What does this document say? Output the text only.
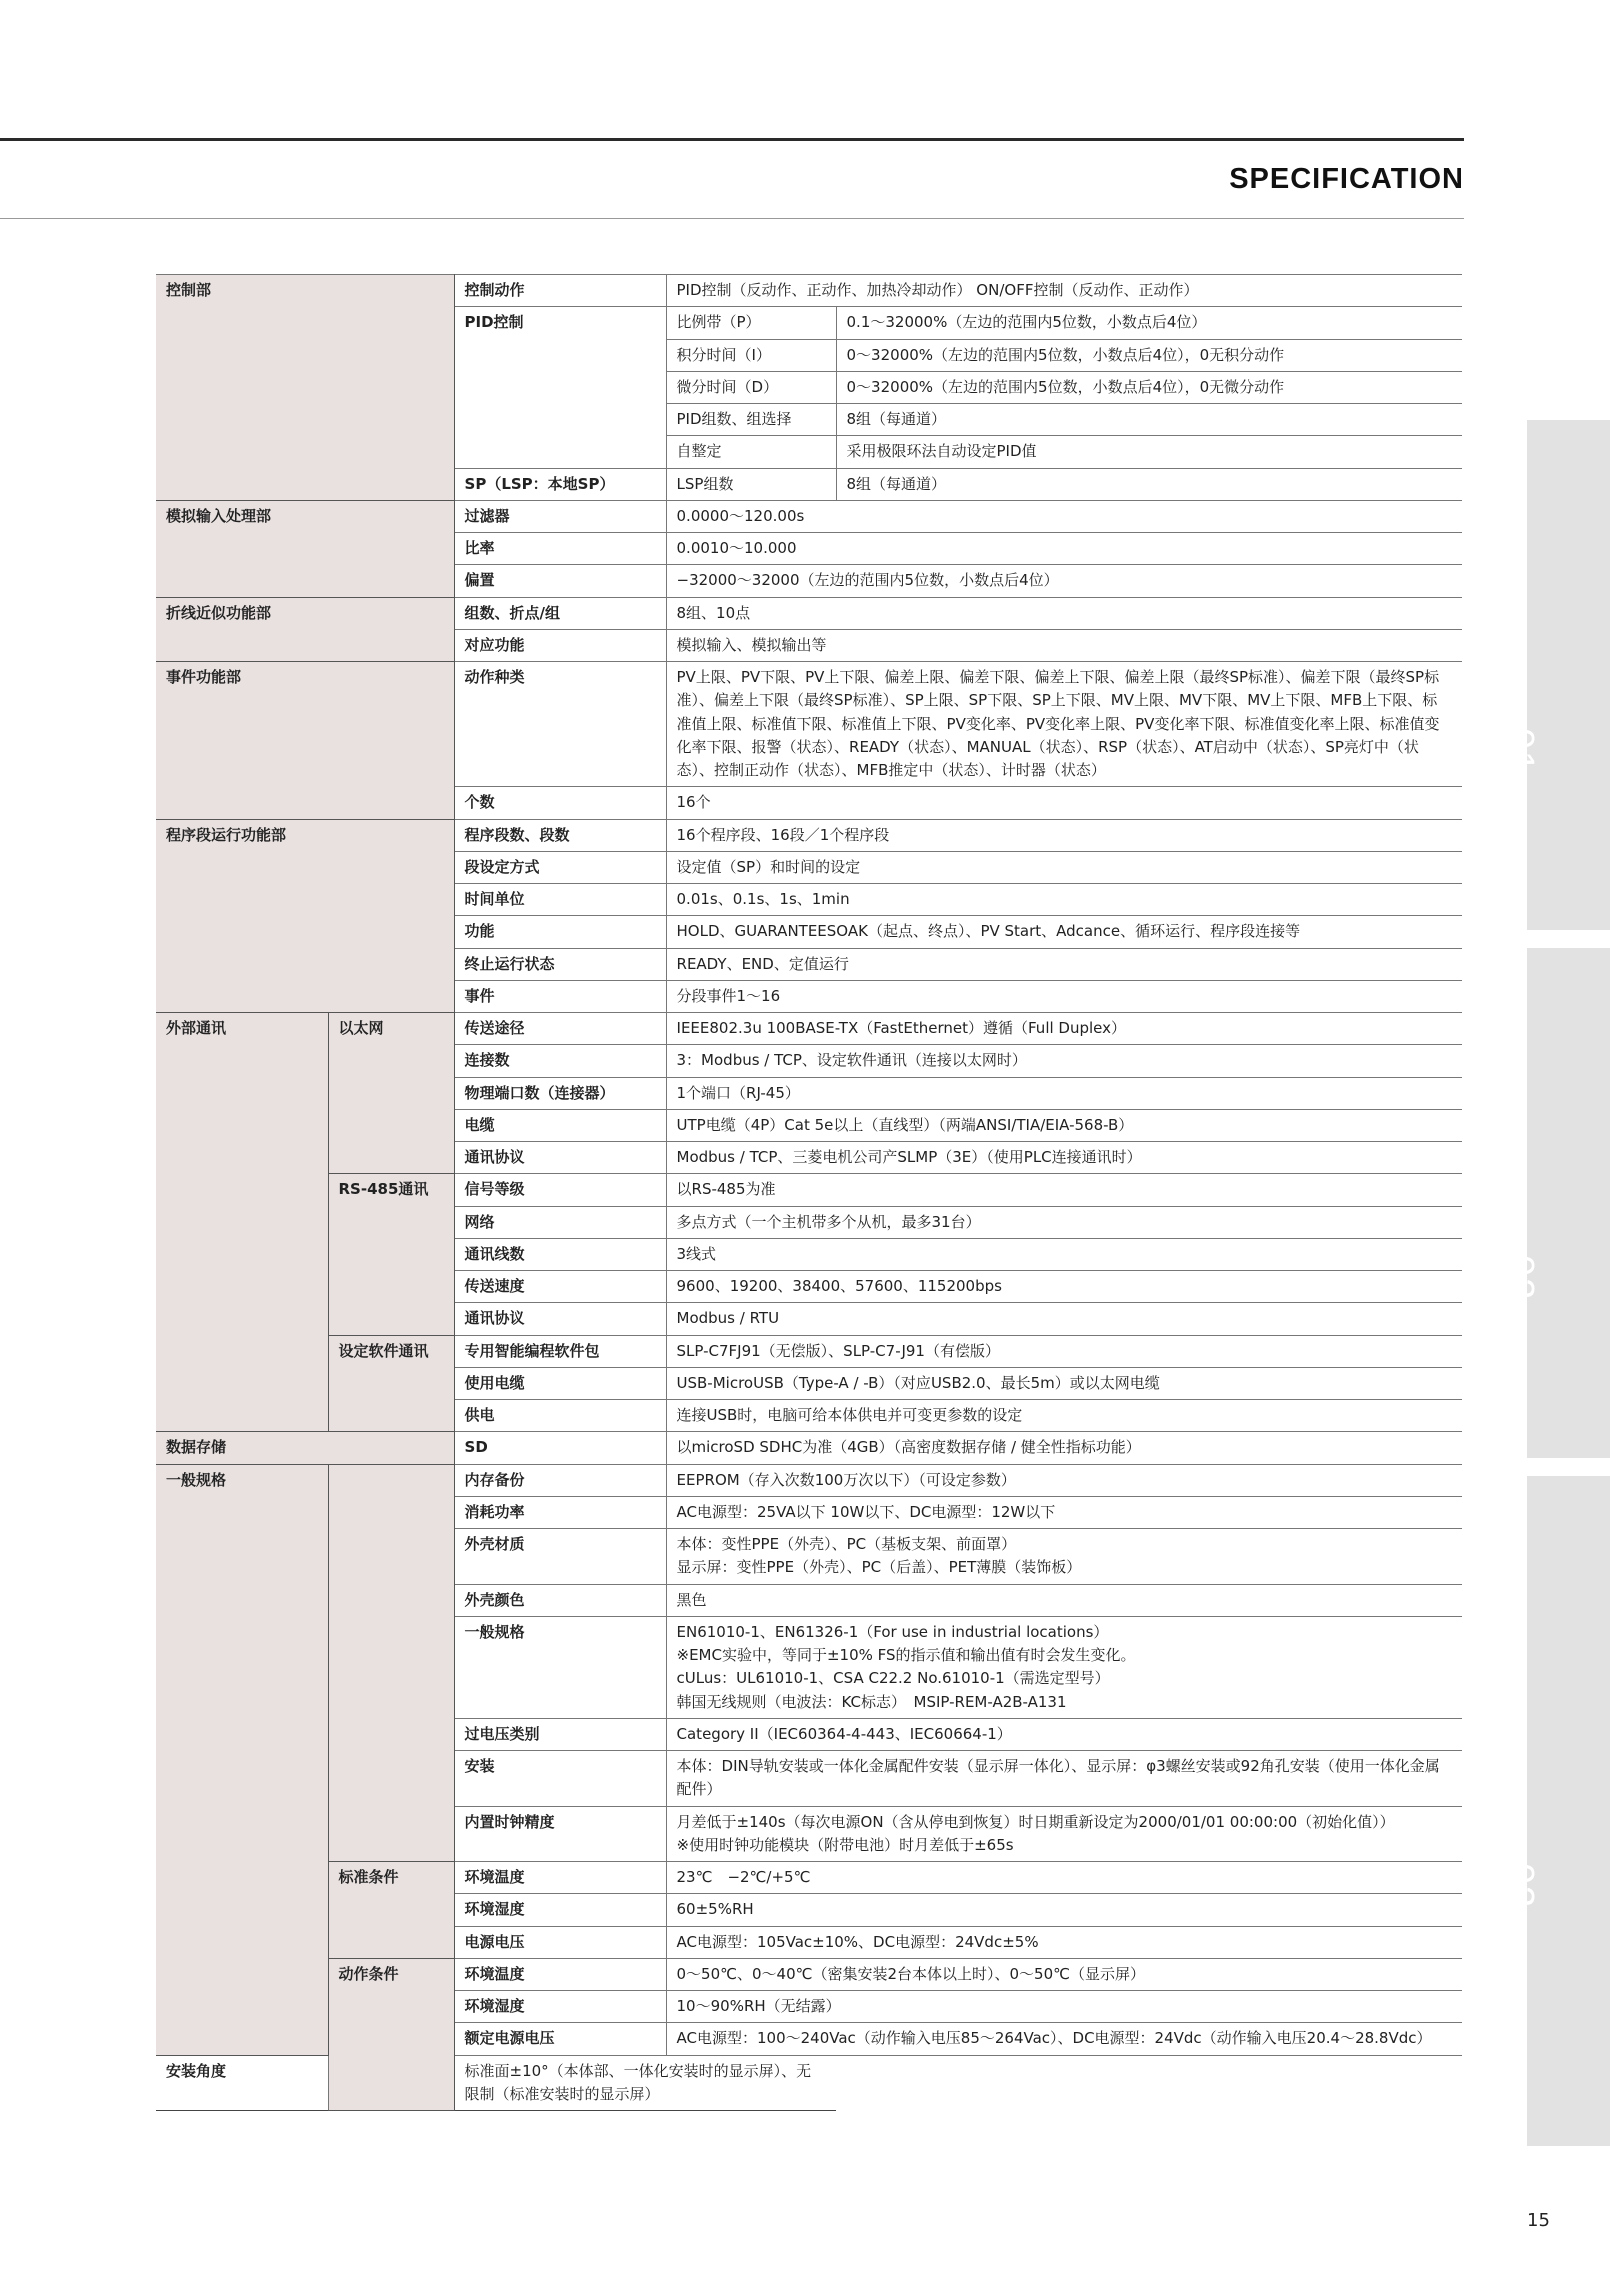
SPECIFICATION
FEATURE01
FEATURE02
FEATURE03
控制部		控制动作	PID控制（反动作、正动作、加热冷却动作） ON/OFF控制（反动作、正动作）	
		PID控制	比例带（P）	0.1～32000%（左边的范围内5位数，小数点后4位）
			积分时间（I）	0～32000%（左边的范围内5位数，小数点后4位），0无积分动作
			微分时间（D）	0～32000%（左边的范围内5位数，小数点后4位），0无微分动作
			PID组数、组选择	8组（每通道）
			自整定	采用极限环法自动设定PID值
		SP（LSP：本地SP）	LSP组数	8组（每通道）
模拟输入处理部		过滤器	0.0000～120.00s	
		比率	0.0010～10.000	
		偏置	−32000～32000（左边的范围内5位数，小数点后4位）	
折线近似功能部		组数、折点/组	8组、10点	
		对应功能	模拟输入、模拟输出等	
事件功能部		动作种类	PV上限、PV下限、PV上下限、偏差上限、偏差下限、偏差上下限、偏差上限（最终SP标准）、偏差下限（最终SP标准）、偏差上下限（最终SP标准）、SP上限、SP下限、SP上下限、MV上限、MV下限、MV上下限、MFB上下限、标准值上限、标准值下限、标准值上下限、PV变化率、PV变化率上限、PV变化率下限、标准值变化率上限、标准值变化率下限、报警（状态）、READY（状态）、MANUAL（状态）、RSP（状态）、AT启动中（状态）、SP亮灯中（状态）、控制正动作（状态）、MFB推定中（状态）、计时器（状态）	
		个数	16个	
程序段运行功能部		程序段数、段数	16个程序段、16段／1个程序段	
		段设定方式	设定值（SP）和时间的设定	
		时间单位	0.01s、0.1s、1s、1min	
		功能	HOLD、GUARANTEESOAK（起点、终点）、PV Start、Adcance、循环运行、程序段连接等	
		终止运行状态	READY、END、定值运行	
		事件	分段事件1～16	
外部通讯	以太网	传送途径	IEEE802.3u 100BASE-TX（FastEthernet）遵循（Full Duplex）	
		连接数	3：Modbus / TCP、设定软件通讯（连接以太网时）	
		物理端口数（连接器）	1个端口（RJ-45）	
		电缆	UTP电缆（4P）Cat 5e以上（直线型）（两端ANSI/TIA/EIA-568-B）	
		通讯协议	Modbus / TCP、三菱电机公司产SLMP（3E）（使用PLC连接通讯时）	
	RS-485通讯	信号等级	以RS-485为准	
		网络	多点方式（一个主机带多个从机，最多31台）	
		通讯线数	3线式	
		传送速度	9600、19200、38400、57600、115200bps	
		通讯协议	Modbus / RTU	
	设定软件通讯	专用智能编程软件包	SLP-C7FJ91（无偿版）、SLP-C7-J91（有偿版）	
		使用电缆	USB-MicroUSB（Type-A / -B）（对应USB2.0、最长5m）或以太网电缆	
		供电	连接USB时，电脑可给本体供电并可变更参数的设定	
数据存储		SD	以microSD SDHC为准（4GB）（高密度数据存储 / 健全性指标功能）	
一般规格		内存备份	EEPROM（存入次数100万次以下）（可设定参数）	
		消耗功率	AC电源型：25VA以下 10W以下、DC电源型：12W以下	
		外壳材质	本体：变性PPE（外壳）、PC（基板支架、前面罩）
显示屏：变性PPE（外壳）、PC（后盖）、PET薄膜（装饰板）	
		外壳颜色	黑色	
		一般规格	EN61010-1、EN61326-1（For use in industrial locations）
※EMC实验中，等同于±10% FS的指示值和输出值有时会发生变化。
cULus：UL61010-1、CSA C22.2 No.61010-1（需选定型号）
韩国无线规则（电波法：KC标志）　MSIP-REM-A2B-A131	
		过电压类别	Category II（IEC60364-4-443、IEC60664-1）	
		安装	本体：DIN导轨安装或一体化金属配件安装（显示屏一体化）、显示屏：φ3螺丝安装或92角孔安装（使用一体化金属配件）	
		内置时钟精度	月差低于±140s（每次电源ON（含从停电到恢复）时日期重新设定为2000/01/01 00:00:00（初始化值））
※使用时钟功能模块（附带电池）时月差低于±65s	
	标准条件	环境温度	23℃　−2℃/+5℃	
		环境湿度	60±5%RH	
		电源电压	AC电源型：105Vac±10%、DC电源型：24Vdc±5%	
	动作条件	环境温度	0～50℃、0～40℃（密集安装2台本体以上时）、0～50℃（显示屏）	
		环境湿度	10～90%RH（无结露）	
		额定电源电压	AC电源型：100～240Vac（动作输入电压85～264Vac）、DC电源型：24Vdc（动作输入电压20.4～28.8Vdc）	
安装角度		标准面±10°（本体部、一体化安装时的显示屏）、无限制（标准安装时的显示屏）		
15
